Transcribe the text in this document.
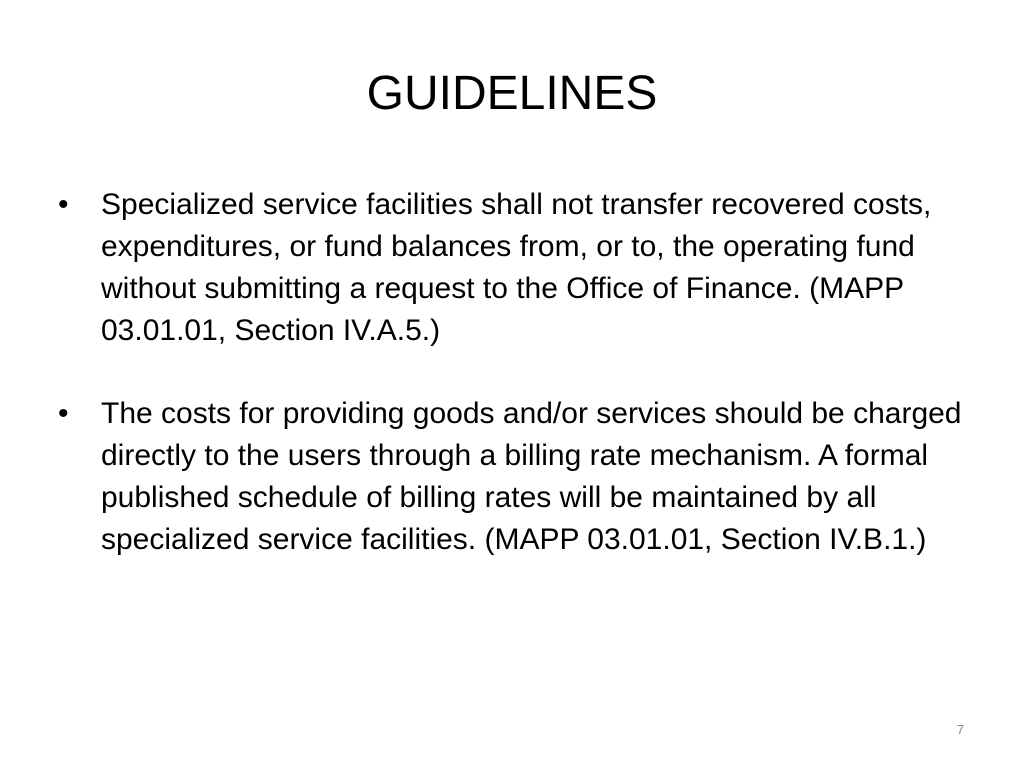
GUIDELINES
•	Specialized service facilities shall not transfer recovered costs, expenditures, or fund balances from, or to, the operating fund without submitting a request to the Office of Finance. (MAPP 03.01.01, Section IV.A.5.)
•	The costs for providing goods and/or services should be charged directly to the users through a billing rate mechanism. A formal published schedule of billing rates will be maintained by all specialized service facilities. (MAPP 03.01.01, Section IV.B.1.)
7
